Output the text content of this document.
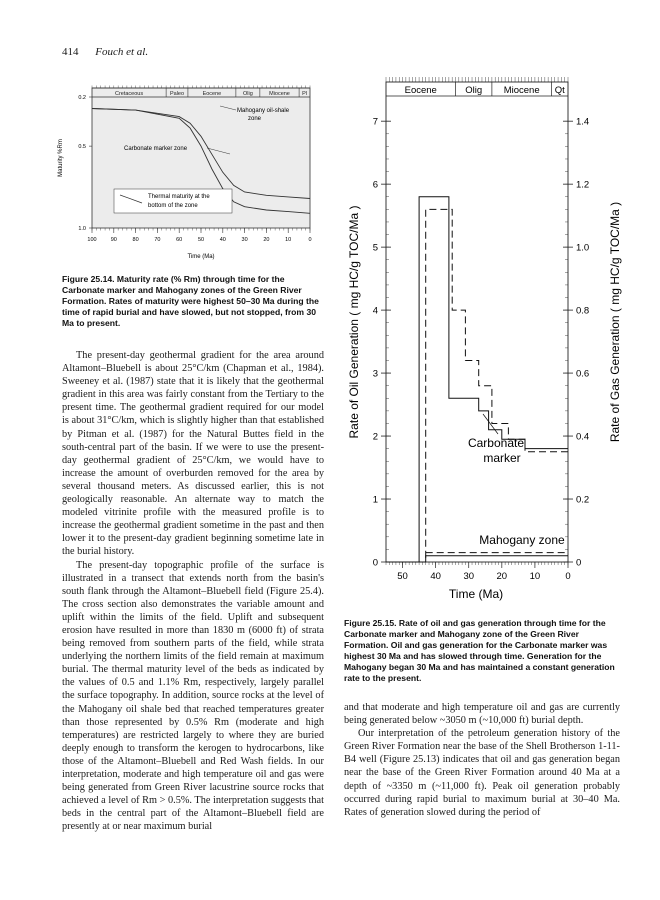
414 Fouch et al.
Cretaceous	Paleo	Eocene	Olig	Miocene Pl
100	90	80	70	60	50	40	30	20	10	0
0.2
0.5
1.0
Mahogany oil-shale
zone
Carbonate marker zone
Thermal maturity at the
bottom of the zone
Time (Ma)
Maturity %Rm
Figure 25.14. Maturity rate (% Rm) through time for the Carbonate marker and Mahogany zones of the Green River Formation. Rates of maturity were highest 50–30 Ma during the time of rapid burial and have slowed, but not stopped, from 30 Ma to present.
Eocene	Olig Miocene Qt
50 40 30 20 10	0
0
1
2
3
4
5
6
7
0
0.2
0.4
0.6
0.8
1.0
1.2
1.4
Carbonate
marker
Mahogany zone
Time (Ma)
Rate of Oil Generation ( mg HC/g TOC/Ma )	Rate of Gas Generation ( mg HC/g TOC/Ma )
Figure 25.15. Rate of oil and gas generation through time for the Carbonate marker and Mahogany zone of the Green River Formation. Oil and gas generation for the Carbonate marker was highest 30 Ma and has slowed through time. Generation for the Mahogany began 30 Ma and has maintained a constant generation rate to the present.

The present-day geothermal gradient for the area around Altamont–Bluebell is about 25°C/km (Chapman et al., 1984). Sweeney et al. (1987) state that it is likely that the geothermal gradient in this area was fairly constant from the Tertiary to the present time. The geothermal gradient required for our model is about 31°C/km, which is slightly higher than that established by Pitman et al. (1987) for the Natural Buttes field in the south-central part of the basin. If we were to use the present-day geothermal gradient of 25°C/km, we would have to increase the amount of overburden removed for the area by several thousand meters. As discussed earlier, this is not geologically reasonable. An alternate way to match the modeled vitrinite profile with the measured profile is to increase the geothermal gradient sometime in the past and then lower it to the present-day gradient beginning sometime late in the burial history.

The present-day topographic profile of the surface is illustrated in a transect that extends north from the basin's south flank through the Altamont–Bluebell field (Figure 25.4). The cross section also demonstrates the variable amount and uplift within the limits of the field. Uplift and subsequent erosion have resulted in more than 1830 m (6000 ft) of strata being removed from southern parts of the field, while strata underlying the northern limits of the field remain at maximum burial. The thermal maturity level of the beds as indicated by the values of 0.5 and 1.1% Rm, respectively, largely parallel the surface topography. In addition, source rocks at the level of the Mahogany oil shale bed that reached temperatures greater than those represented by 0.5% Rm (moderate and high temperatures) are restricted largely to where they are buried deeply enough to transform the kerogen to hydrocarbons, like those of the Altamont–Bluebell and Red Wash fields. In our interpretation, moderate and high temperature oil and gas were being generated from Green River lacustrine source rocks that achieved a level of Rm > 0.5%. The interpretation suggests that beds in the central part of the Altamont–Bluebell field are presently at or near maximum burial

and that moderate and high temperature oil and gas are currently being generated below ~3050 m (~10,000 ft) burial depth.

Our interpretation of the petroleum generation history of the Green River Formation near the base of the Shell Brotherson 1-11-B4 well (Figure 25.13) indicates that oil and gas generation began near the base of the Green River Formation around 40 Ma at a depth of ~3350 m (~11,000 ft). Peak oil generation probably occurred during rapid burial to maximum burial at 30–40 Ma. Rates of generation slowed during the period of
